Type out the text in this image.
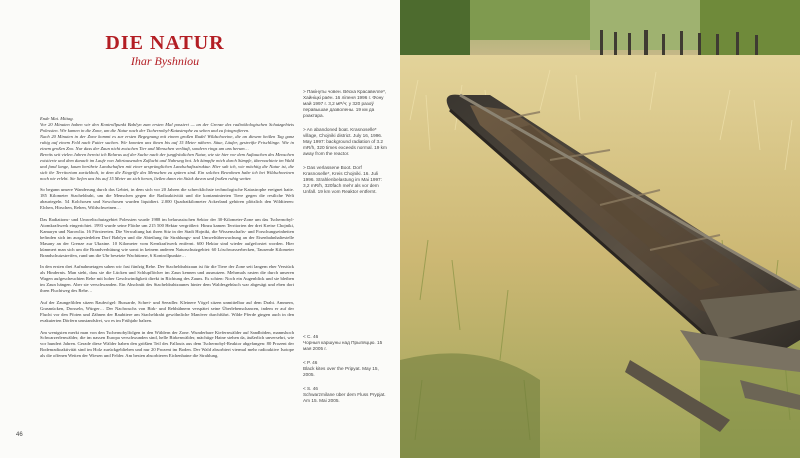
DIE NATUR

Ihar Byshniou

Ende Mai. Mittag.
Vor 20 Minuten haben wir den Kontrollpunkt Babčyn zum ersten Mal passiert — an der Grenze des radioökologischen Schutzgebiets Polessien. Wir kamen in die Zone, um die Natur nach der Tschernobyl-Katastrophe zu sehen und zu fotografieren.
Nach 20 Minuten in der Zone kommt es zur ersten Begegnung mit einem großen Rudel Wildschweine, die an diesem heißen Tag ganz ruhig auf einem Feld nach Futter suchen. Wir konnten uns ihnen bis auf 15 Meter nähern. Säue, Läufer, gestreifte Frischlinge. Wie in einem großen Zoo. Nur dass der Zaun nicht zwischen Tier und Menschen verläuft, sondern rings um uns herum…
Bereits seit vielen Jahren bereist ich Belarus auf der Suche nach der jungfräulichen Natur, wie sie hier vor dem Auftauchen des Menschen existierte und dem danach im Laufe von Jahrtausenden Zuflucht und Nahrung bot. Ich kämpfte mich durch Sümpfe, übernachtete im Wald und fand lange, kaum berührte Landschaften mit einer ursprünglichen Landschaftsstruktur. Hier sah ich, wie mächtig die Natur ist, die sich ihr Territorium zurückholt, in dem die Eingriffe des Menschen zu spüren sind. Ein solches Bewohnen habe ich bei Wildschweinen noch nie erlebt. Sie liefen uns bis auf 15 Meter an sich heran, ließen dann ein Stück davon und fraßen ruhig weiter.

So begann unsere Wanderung durch das Gebiet, in dem sich vor 20 Jahren die schrecklichste technologische Katastrophe ereignet hatte. 185 Kilometer Stacheldraht, um die Menschen gegen die Radioaktivität und die kontaminierten Tiere gegen die restliche Welt abzuriegeln. 54 Kolchosen und Sowchosen wurden liquidiert. 2.000 Quadratkilometer Ackerland gehören plötzlich den Wildtieren: Elchen, Hirschen, Rehen, Wildschweinen…

Das Radiations- und Umweltschutzgebiet Polessien wurde 1988 im belarussischen Sektor der 30-Kilometer-Zone um das Tschernobyl-Atomkraftwerk eingerichtet. 1993 wurde seine Fläche um 215 500 Hektar vergrößert: Hinzu kamen Territorien der drei Kreise Chojniki, Kamaryn und Narowlia. 16 Förstereien. Die Verwaltung hat ihren Sitz in der Stadt Hojniki, die Wissenschafts- und Forschungseinheiten befinden sich im ausgesiedelten Dorf Babčyn und die Abteilung für Strahlungs- und Umweltüberwachung an der Eisenbahnhaltestelle Masany an der Grenze zur Ukraine. 10 Kilometer vom Kernkraftwerk entfernt. 600 Hektar sind wieder aufgeforstet worden. Hier kümmert man sich um die Brandverhütung wie sonst in keinem anderen Naturschutzgebiet: 60 Löschwasserbecken, Tausende Kilometer Brandschutzstreifen, rund um die Uhr besetzte Wachtürme, 6 Kontrollpunkte…

In den ersten drei Aufnahmetagen sahen wir fast fünfzig Rehe. Der Stacheldrahtzaun ist für die Tiere der Zone seit langem eher Verstück als Hindernis. Man sieht, dass sie die Lücken und Schlupflöcher im Zaun kennen und ausnutzen. Mehrmals rasten die durch unseren Wagen aufgescheuchten Rehe mit hoher Geschwindigkeit direkt in Richtung des Zauns. Es schien: Noch ein Augenblick und sie bleiben im Zaun hängen. Aber sie verschwanden. Ein Abschnitt des Stacheldrahtzaunes hinter dem Waldesgebüsch war abgesägt und eben dort ihren Fluchtweg des Rehe…

Auf der Zaungefilden sitzen Raubvögel: Bussarde, Schrei- und Seeadler. Kleinere Vögel sitzen unmittelbar auf dem Draht. Ammern, Grasmücken, Drosseln, Würger… Der Nachwuchs von Birk- und Rebhühnern verspätet seine Überlebenschancen, indem er auf der Flucht vor den Pfoten und Zähnen der Raubtiere am Stacheldraht gewöhnliche Manöver durchführt. Wilde Pferde gingen auch in den evakuierten Dörfern umstandsfrei, wo es im Frühjahr balzen.

Am wenigsten merkt man von den Tschernobylfolgen in den Wäldern der Zone. Wunderbare Kiefernwälder auf Sandböden, mannshoch Schwarzerlenwälder, die im nassen Europa verschwunden sind, helle Birkenwälder, mächtige Haine stehen da, äußerlich unversehrt, wie vor hundert Jahren. Gerade diese Wälder haben den größten Teil des Fallouts aus dem Tschernobyl-Reaktor abgefangen: 80 Prozent der Bodenradioaktivität sind im Holz zurückgeblieben und nur 20 Prozent im Boden. Der Wald absorbiert viermal mehr radioaktive Isotope als die offenen Weiten der Wiesen und Felder. Am besten absorbieren Eichenhaine die Strahlung.

> Пакінуты човен. Вёска Красавелле*, Хайніцкі раён. 16 ліпеня 1996 г. Фону май 1997 г. 3,2 мР/ч; у 320 разоў перавышае дазволены. 19 км да рэактара.

> An abandoned boat. Krasnoselle* village, Chojniki district. July 16, 1996. May 1997: background radiation of 3.2 mR/h, 320 times exceeds normal. 19 km away from the reactor.

> Das verlassene Boot. Dorf Krasnoselle*, Kreis Chojniki. 16. Juli 1996. Strahlenbelastung im Mai 1997: 3,2 mR/h, 320fach mehr als vor dem Unfall. 19 km vom Reaktor entfernt.

< C. 46
Чорныя каршуны над Прыпяццю. 15 мая 2005 г.

< P. 46
Black kites over the Pripyat. May 15, 2005.

< S. 46
Schwarzmilane über dem Fluss Prypjat. Am 15. Mai 2005.

46
